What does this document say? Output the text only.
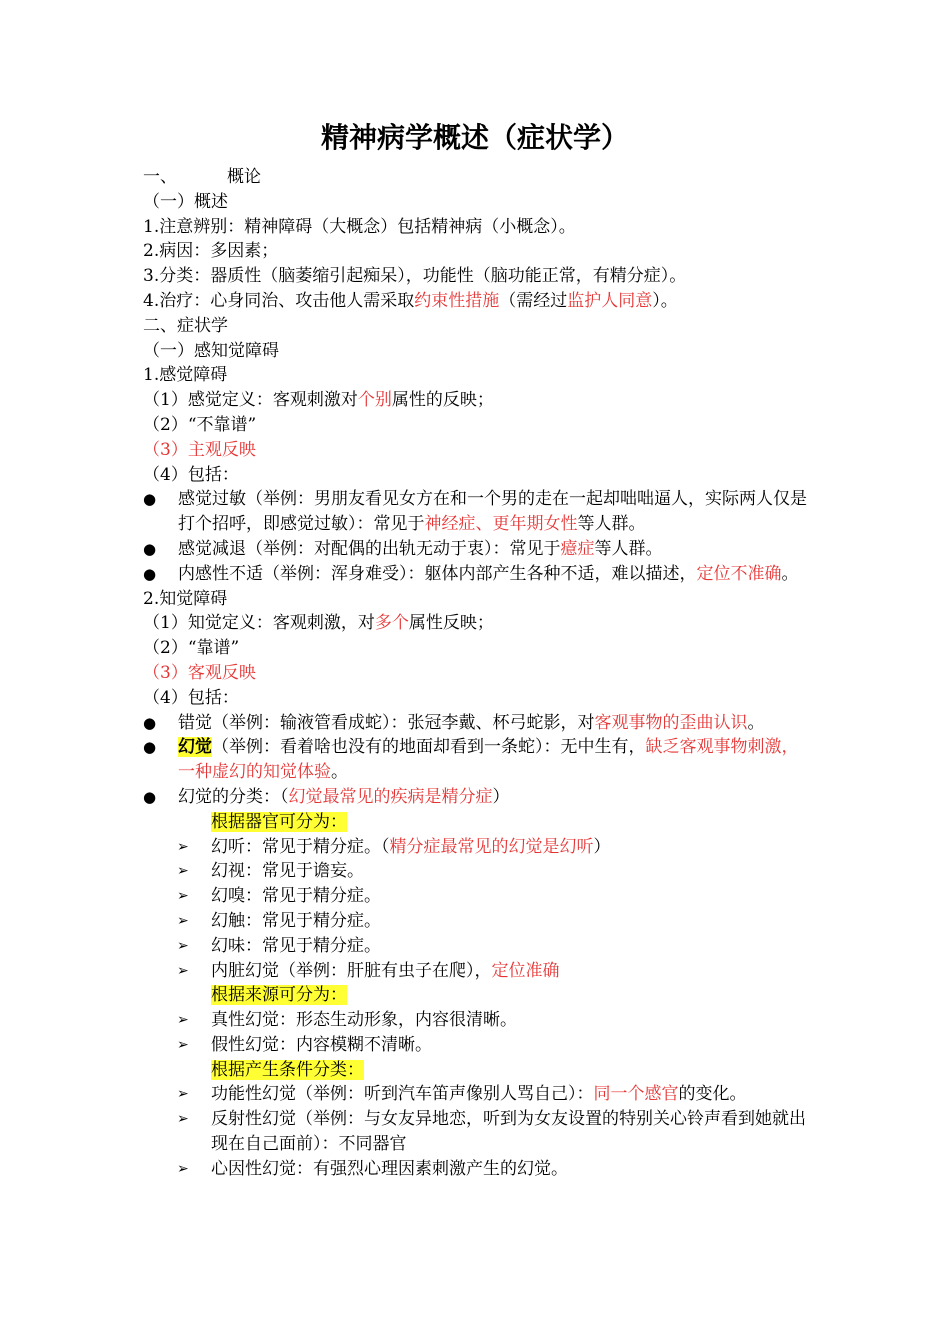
精神病学概述（症状学）
一、	概论
（一）概述
1.注意辨别：精神障碍（大概念）包括精神病（小概念）。
2.病因：多因素；
3.分类：器质性（脑萎缩引起痴呆），功能性（脑功能正常，有精分症）。
4.治疗：心身同治、攻击他人需采取约束性措施（需经过监护人同意）。
二、症状学
（一）感知觉障碍
1.感觉障碍
（1）感觉定义：客观刺激对个别属性的反映；
（2）“不靠谱”
（3）主观反映
（4）包括：
● 感觉过敏（举例：男朋友看见女方在和一个男的走在一起却咄咄逼人，实际两人仅是打个招呼，即感觉过敏）：常见于神经症、更年期女性等人群。
● 感觉减退（举例：对配偶的出轨无动于衷）：常见于癔症等人群。
● 内感性不适（举例：浑身难受）：躯体内部产生各种不适，难以描述，定位不准确。
2.知觉障碍
（1）知觉定义：客观刺激，对多个属性反映；
（2）“靠谱”
（3）客观反映
（4）包括：
● 错觉（举例：输液管看成蛇）：张冠李戴、杯弓蛇影，对客观事物的歪曲认识。
● 幻觉（举例：看着啥也没有的地面却看到一条蛇）：无中生有，缺乏客观事物刺激，一种虚幻的知觉体验。
● 幻觉的分类：（幻觉最常见的疾病是精分症）
根据器官可分为：
➢ 幻听：常见于精分症。（精分症最常见的幻觉是幻听）
➢ 幻视：常见于谵妄。
➢ 幻嗅：常见于精分症。
➢ 幻触：常见于精分症。
➢ 幻味：常见于精分症。
➢ 内脏幻觉（举例：肝脏有虫子在爬），定位准确
根据来源可分为：
➢ 真性幻觉：形态生动形象，内容很清晰。
➢ 假性幻觉：内容模糊不清晰。
根据产生条件分类：
➢ 功能性幻觉（举例：听到汽车笛声像别人骂自己）：同一个感官的变化。
➢ 反射性幻觉（举例：与女友异地恋，听到为女友设置的特别关心铃声看到她就出现在自己面前）：不同器官
➢ 心因性幻觉：有强烈心理因素刺激产生的幻觉。
